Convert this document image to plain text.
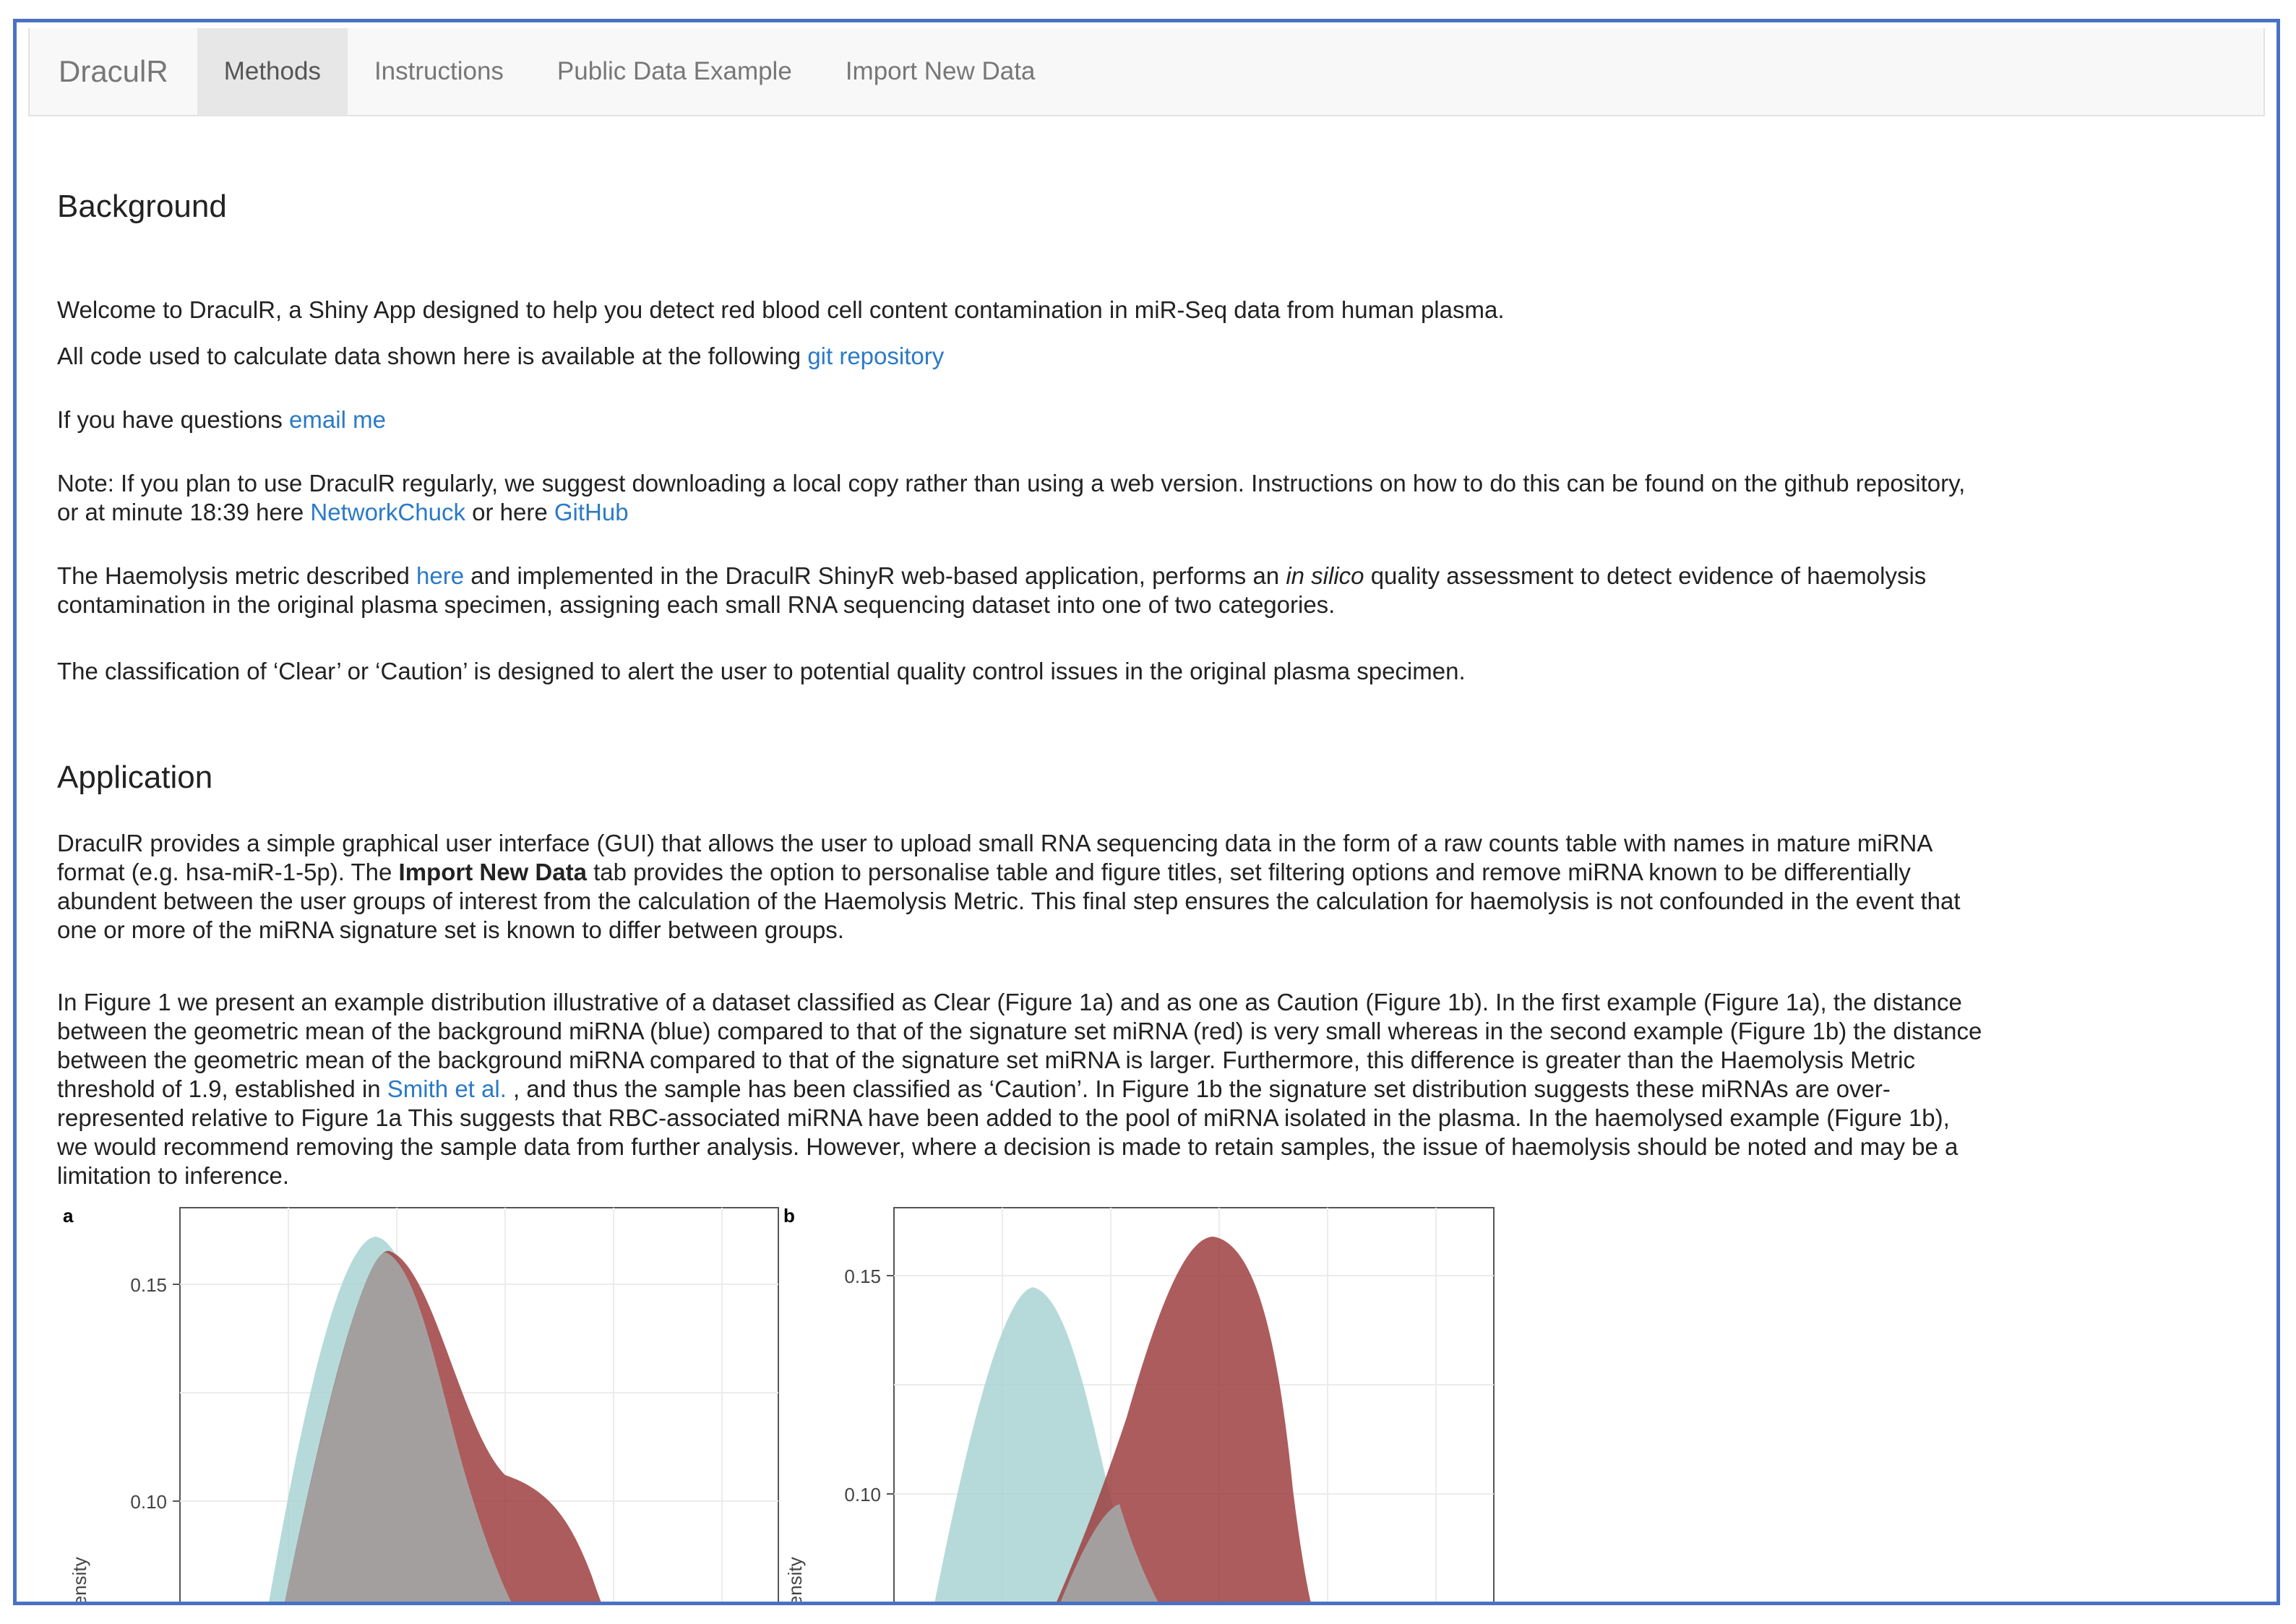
DraculR	Methods	Instructions	Public Data Example	Import New Data
Background

Welcome to DraculR, a Shiny App designed to help you detect red blood cell content contamination in miR-Seq data from human plasma.

All code used to calculate data shown here is available at the following git repository

If you have questions email me

Note: If you plan to use DraculR regularly, we suggest downloading a local copy rather than using a web version. Instructions on how to do this can be found on the github repository,
or at minute 18:39 here NetworkChuck or here GitHub

The Haemolysis metric described here and implemented in the DraculR ShinyR web-based application, performs an in silico quality assessment to detect evidence of haemolysis
contamination in the original plasma specimen, assigning each small RNA sequencing dataset into one of two categories.

The classification of ‘Clear’ or ‘Caution’ is designed to alert the user to potential quality control issues in the original plasma specimen.

Application

DraculR provides a simple graphical user interface (GUI) that allows the user to upload small RNA sequencing data in the form of a raw counts table with names in mature miRNA
format (e.g. hsa-miR-1-5p). The Import New Data tab provides the option to personalise table and figure titles, set filtering options and remove miRNA known to be differentially
abundent between the user groups of interest from the calculation of the Haemolysis Metric. This final step ensures the calculation for haemolysis is not confounded in the event that
one or more of the miRNA signature set is known to differ between groups.

In Figure 1 we present an example distribution illustrative of a dataset classified as Clear (Figure 1a) and as one as Caution (Figure 1b). In the first example (Figure 1a), the distance
between the geometric mean of the background miRNA (blue) compared to that of the signature set miRNA (red) is very small whereas in the second example (Figure 1b) the distance
between the geometric mean of the background miRNA compared to that of the signature set miRNA is larger. Furthermore, this difference is greater than the Haemolysis Metric
threshold of 1.9, established in Smith et al. , and thus the sample has been classified as ‘Caution’. In Figure 1b the signature set distribution suggests these miRNAs are over-
represented relative to Figure 1a This suggests that RBC-associated miRNA have been added to the pool of miRNA isolated in the plasma. In the haemolysed example (Figure 1b),
we would recommend removing the sample data from further analysis. However, where a decision is made to retain samples, the issue of haemolysis should be noted and may be a
limitation to inference.

a
0.15
0.10
Density
b
0.15
0.10
Density
